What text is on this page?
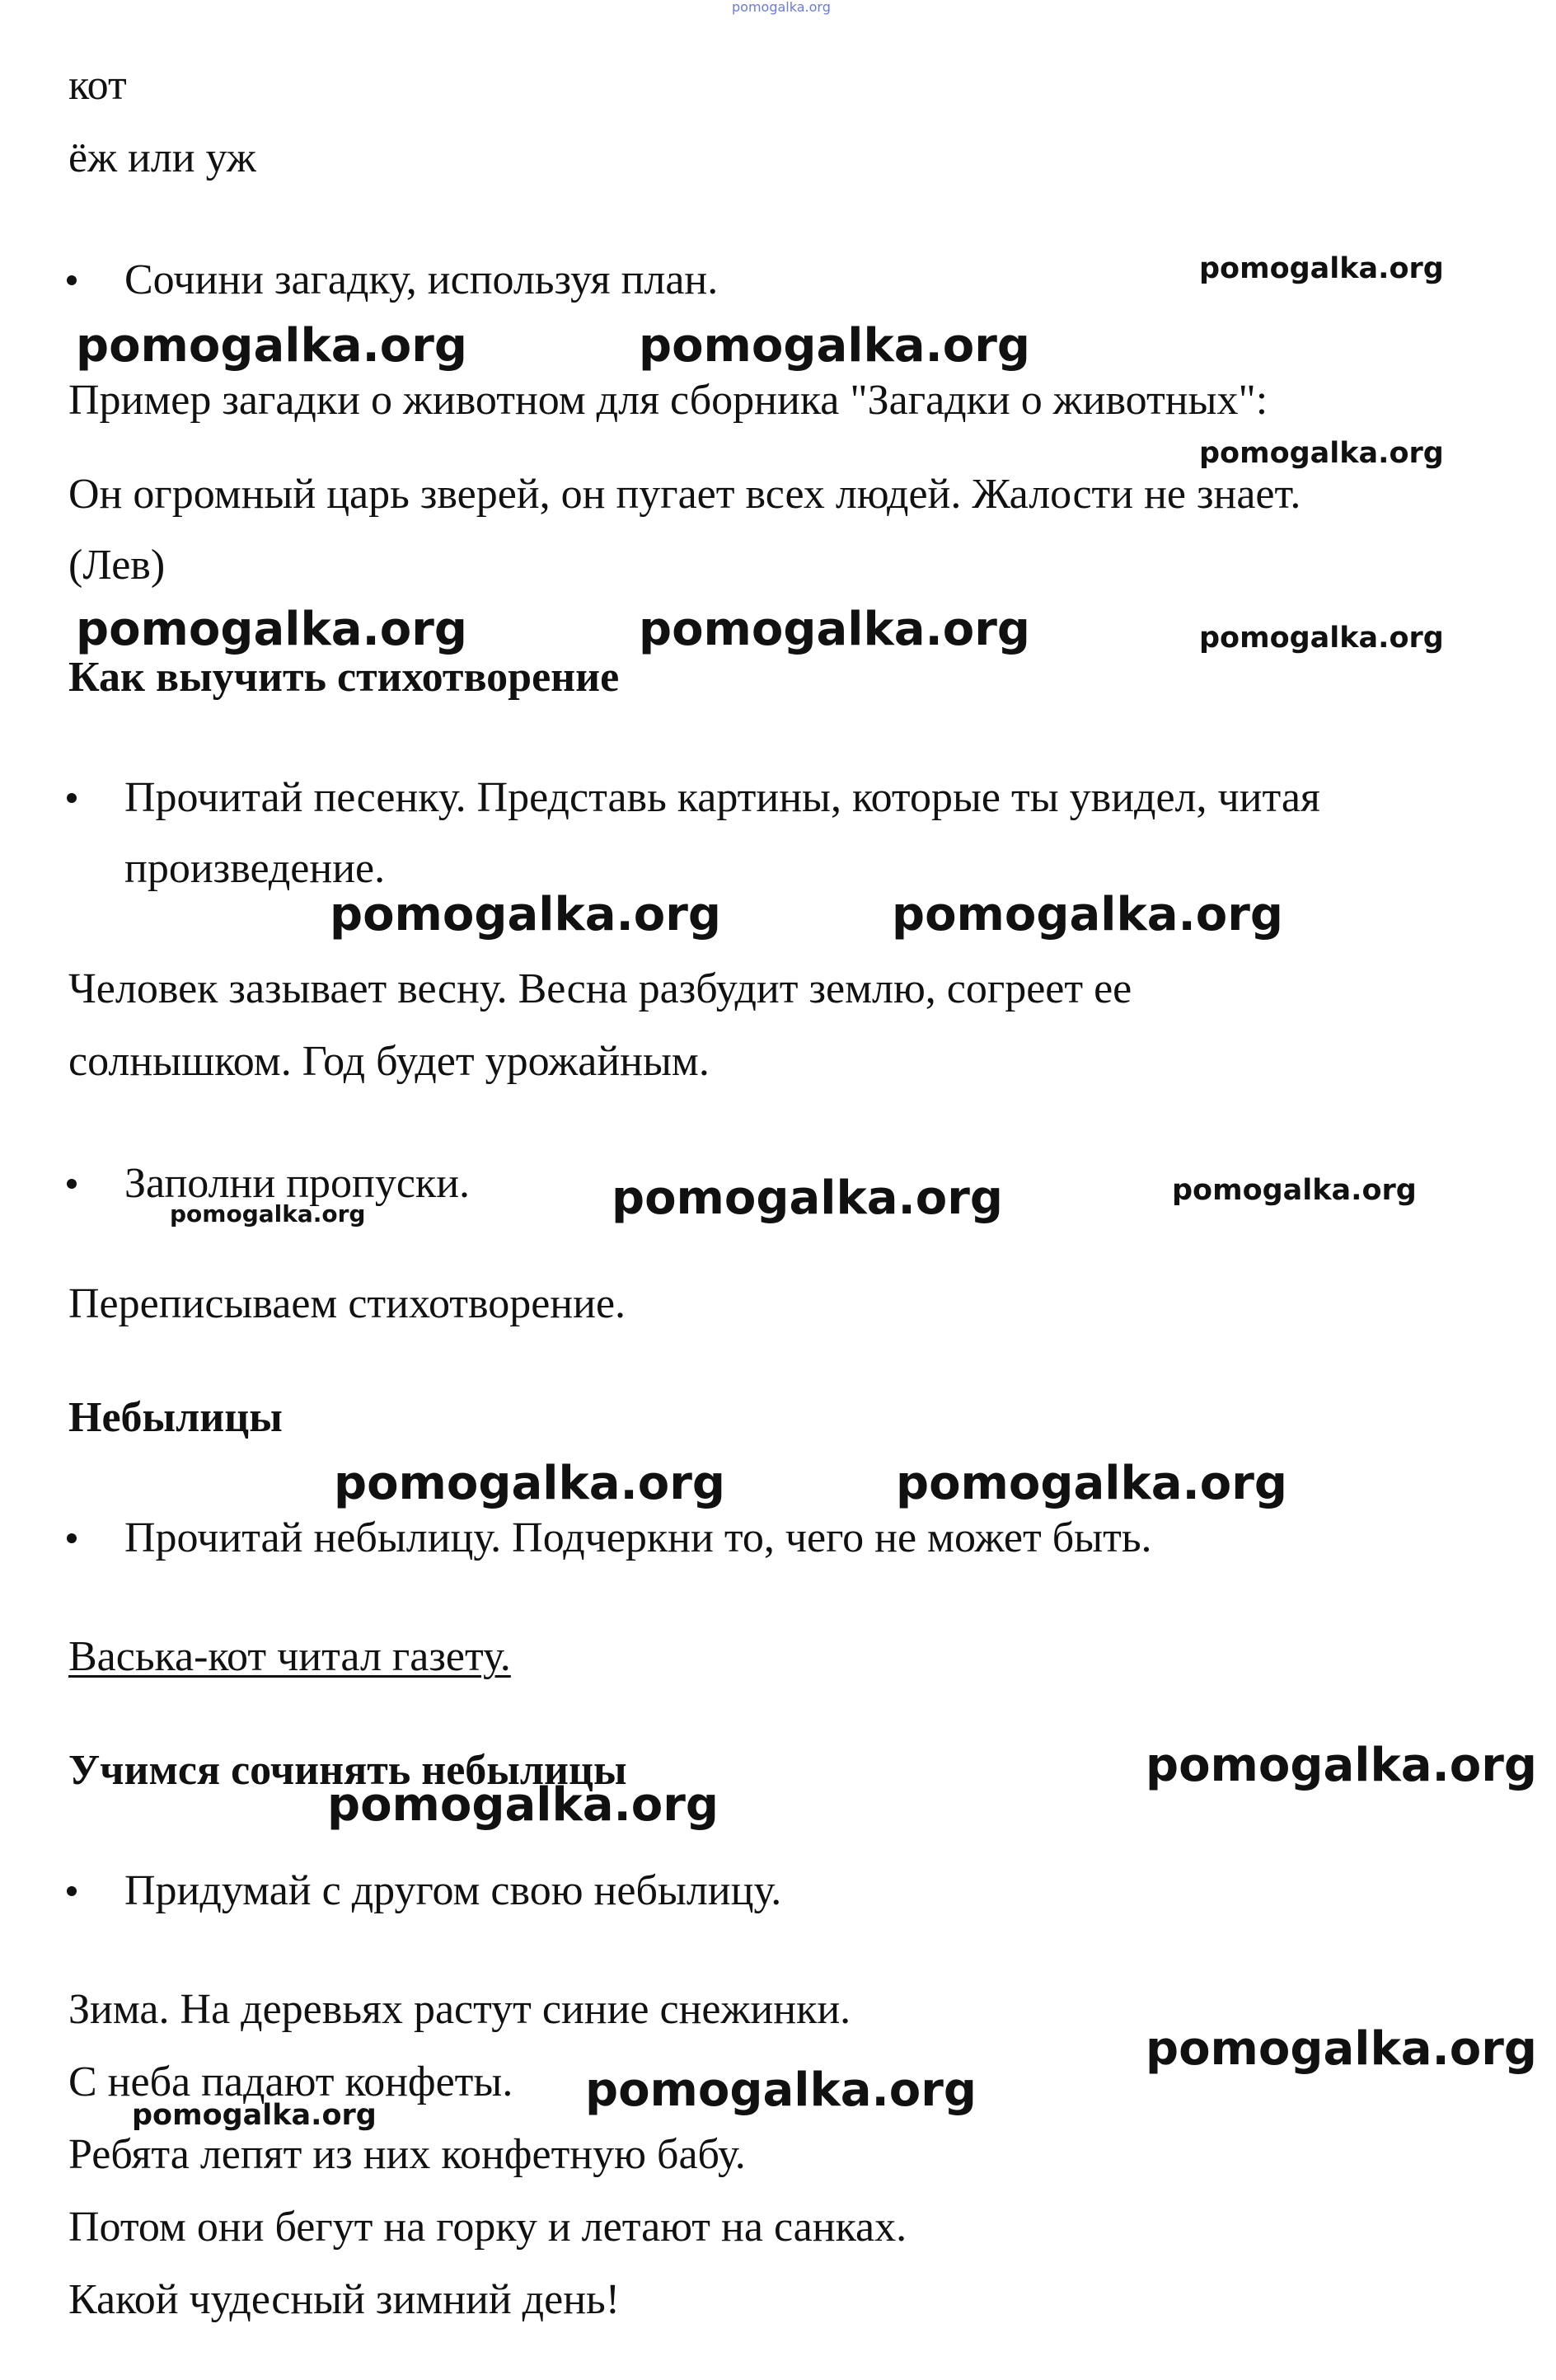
pomogalka.org

кот

ёж или уж

Сочини загадку, используя план.

Пример загадки о животном для сборника "Загадки о животных":

Он огромный царь зверей, он пугает всех людей. Жалости не знает.

(Лев)

Как выучить стихотворение

Прочитай песенку. Представь картины, которые ты увидел, читая

произведение.

Человек зазывает весну. Весна разбудит землю, согреет ее

солнышком. Год будет урожайным.

Заполни пропуски.

Переписываем стихотворение.

Небылицы

Прочитай небылицу. Подчеркни то, чего не может быть.

Васька-кот читал газету.

Учимся сочинять небылицы

Придумай с другом свою небылицу.

Зима. На деревьях растут синие снежинки.

С неба падают конфеты.

Ребята лепят из них конфетную бабу.

Потом они бегут на горку и летают на санках.

Какой чудесный зимний день!

pomogalka.org
pomogalka.org	pomogalka.org
pomogalka.org
pomogalka.org	pomogalka.org	pomogalka.org
pomogalka.org	pomogalka.org
pomogalka.org
pomogalka.org
pomogalka.org
pomogalka.org	pomogalka.org
pomogalka.org
pomogalka.org
pomogalka.org
pomogalka.org
pomogalka.org
